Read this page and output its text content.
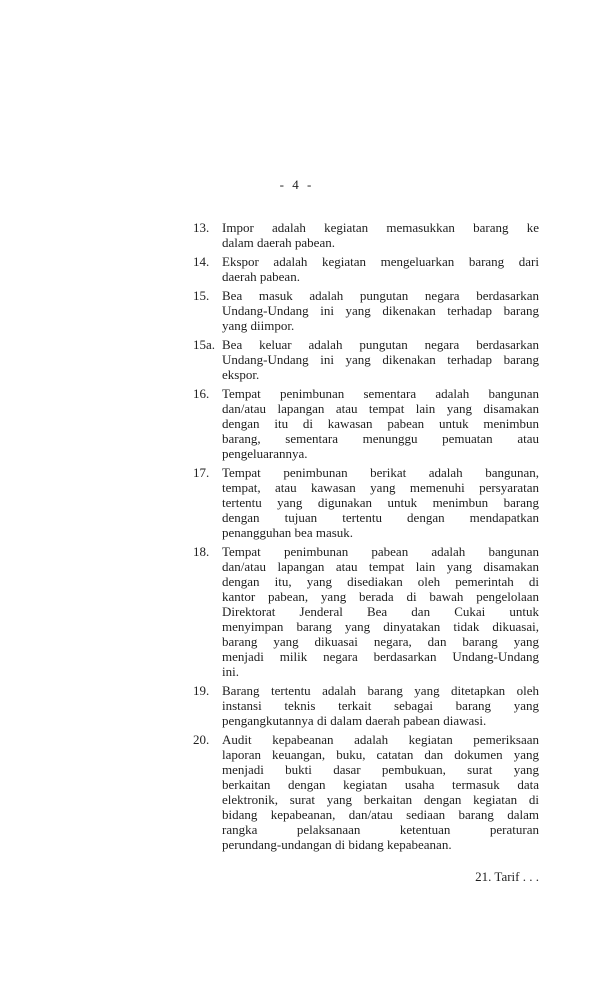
- 4 -
13. Impor adalah kegiatan memasukkan barang ke
dalam daerah pabean.
14. Ekspor adalah kegiatan mengeluarkan barang dari
daerah pabean.
15. Bea masuk adalah pungutan negara berdasarkan
Undang-Undang ini yang dikenakan terhadap barang
yang diimpor.
15a. Bea keluar adalah pungutan negara berdasarkan
Undang-Undang ini yang dikenakan terhadap barang
ekspor.
16. Tempat penimbunan sementara adalah bangunan
dan/atau lapangan atau tempat lain yang disamakan
dengan itu di kawasan pabean untuk menimbun
barang, sementara menunggu pemuatan atau
pengeluarannya.
17. Tempat penimbunan berikat adalah bangunan,
tempat, atau kawasan yang memenuhi persyaratan
tertentu yang digunakan untuk menimbun barang
dengan tujuan tertentu dengan mendapatkan
penangguhan bea masuk.
18. Tempat penimbunan pabean adalah bangunan
dan/atau lapangan atau tempat lain yang disamakan
dengan itu, yang disediakan oleh pemerintah di
kantor pabean, yang berada di bawah pengelolaan
Direktorat Jenderal Bea dan Cukai untuk
menyimpan barang yang dinyatakan tidak dikuasai,
barang yang dikuasai negara, dan barang yang
menjadi milik negara berdasarkan Undang-Undang
ini.
19. Barang tertentu adalah barang yang ditetapkan oleh
instansi teknis terkait sebagai barang yang
pengangkutannya di dalam daerah pabean diawasi.
20. Audit kepabeanan adalah kegiatan pemeriksaan
laporan keuangan, buku, catatan dan dokumen yang
menjadi bukti dasar pembukuan, surat yang
berkaitan dengan kegiatan usaha termasuk data
elektronik, surat yang berkaitan dengan kegiatan di
bidang kepabeanan, dan/atau sediaan barang dalam
rangka pelaksanaan ketentuan peraturan
perundang-undangan di bidang kepabeanan.
21. Tarif . . .
